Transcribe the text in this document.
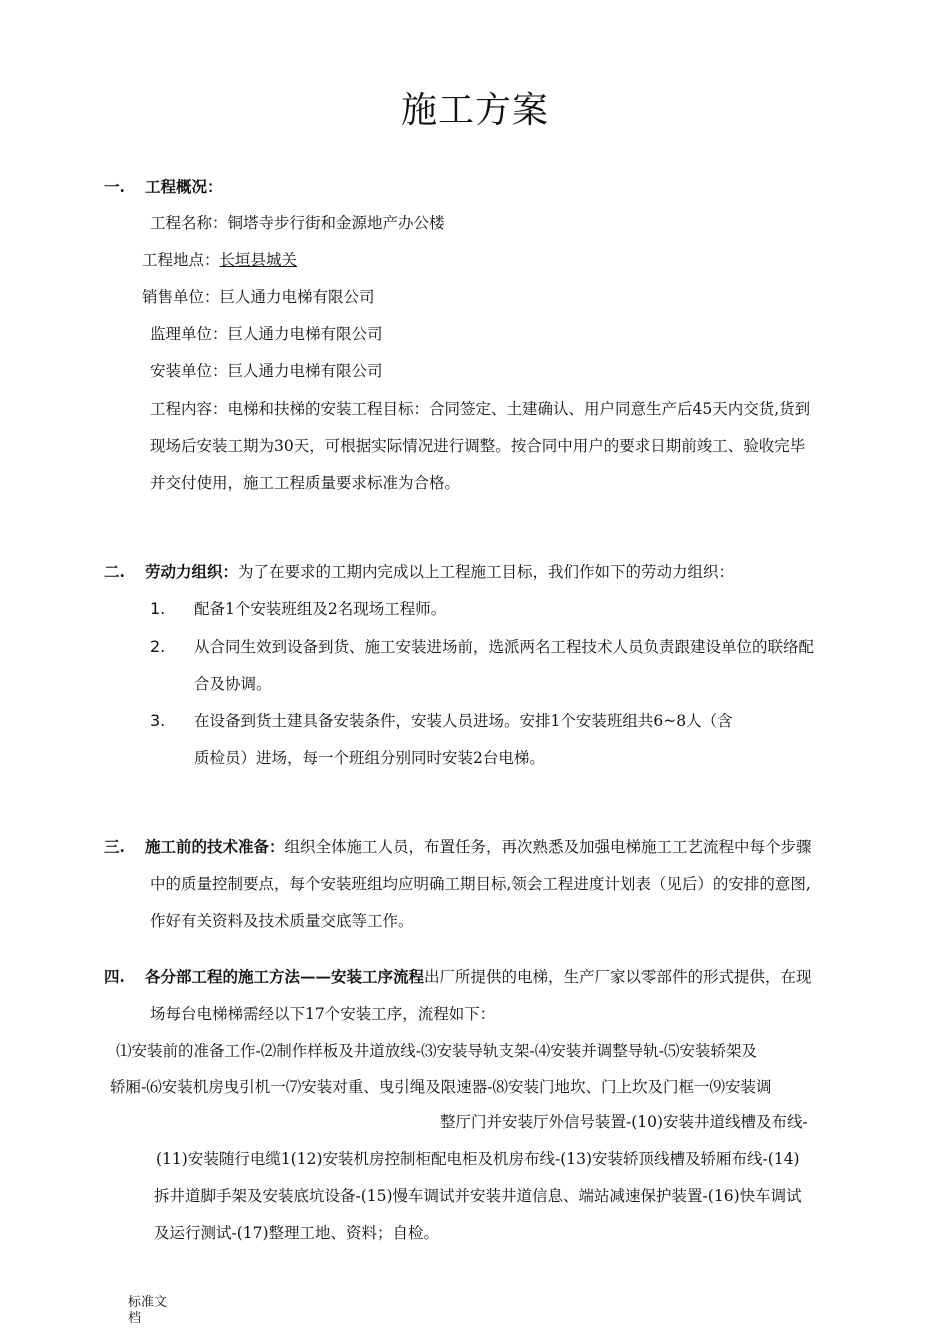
施工方案
一. 工程概况：
工程名称：铜塔寺步行街和金源地产办公楼
工程地点：长垣县城关
销售单位：巨人通力电梯有限公司
监理单位：巨人通力电梯有限公司
安装单位：巨人通力电梯有限公司
工程内容：电梯和扶梯的安装工程目标：合同签定、土建确认、用户同意生产后45天内交货,货到
现场后安装工期为30天，可根据实际情况进行调整。按合同中用户的要求日期前竣工、验收完毕
并交付使用，施工工程质量要求标准为合格。
二. 劳动力组织：为了在要求的工期内完成以上工程施工目标，我们作如下的劳动力组织：
1. 配备1个安装班组及2名现场工程师。
2. 从合同生效到设备到货、施工安装进场前，选派两名工程技术人员负责跟建设单位的联络配
合及协调。
3. 在设备到货土建具备安装条件，安装人员进场。安排1个安装班组共6~8人（含
质检员）进场，每一个班组分别同时安装2台电梯。
三. 施工前的技术准备：组织全体施工人员，布置任务，再次熟悉及加强电梯施工工艺流程中每个步骤
中的质量控制要点，每个安装班组均应明确工期目标,领会工程进度计划表（见后）的安排的意图,
作好有关资料及技术质量交底等工作。
四. 各分部工程的施工方法——安装工序流程出厂所提供的电梯，生产厂家以零部件的形式提供，在现
场每台电梯梯需经以下17个安装工序，流程如下：
⑴安装前的准备工作-⑵制作样板及井道放线-⑶安装导轨支架-⑷安装并调整导轨-⑸安装轿架及
轿厢-⑹安装机房曳引机一⑺安装对重、曳引绳及限速器-⑻安装门地坎、门上坎及门框一⑼安装调
整厅门并安装厅外信号装置-(10)安装井道线槽及布线-
(11)安装随行电缆1(12)安装机房控制柜配电柜及机房布线-(13)安装轿顶线槽及轿厢布线-(14)
拆井道脚手架及安装底坑设备-(15)慢车调试并安装井道信息、端站减速保护装置-(16)快车调试
及运行测试-(17)整理工地、资料；自检。
标准文
档
